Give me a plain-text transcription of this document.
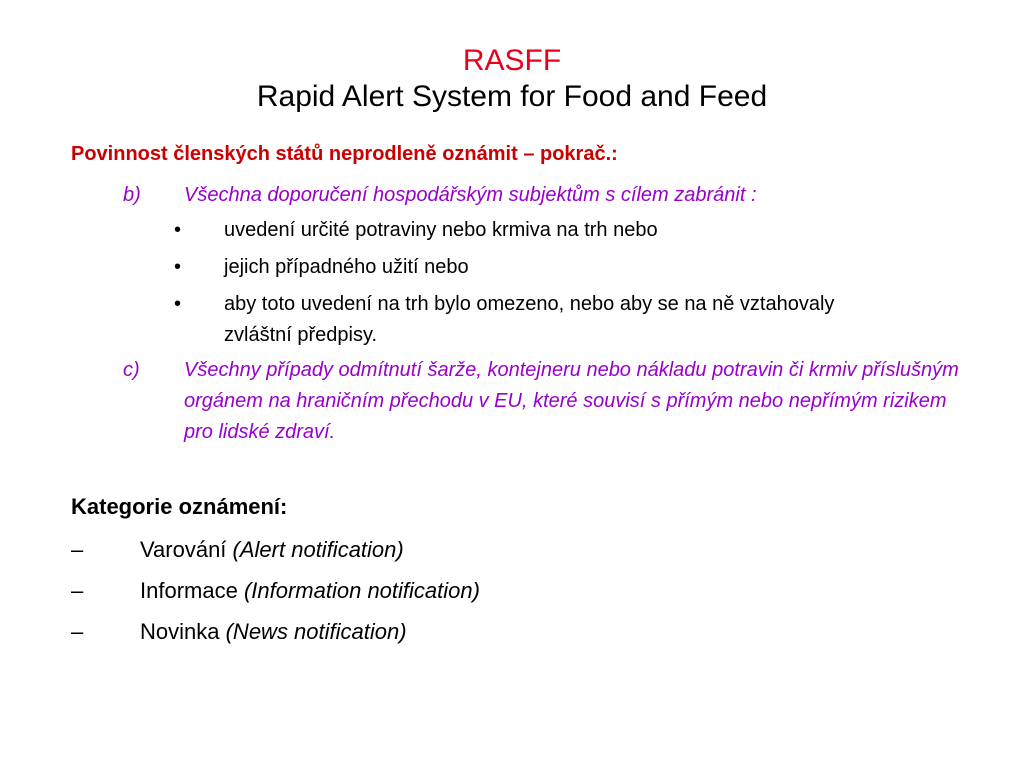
RASFF
Rapid Alert System for Food and Feed
Povinnost členských států neprodleně oznámit – pokrač.:
b) Všechna doporučení hospodářským subjektům s cílem zabránit :
• uvedení určité potraviny nebo krmiva na trh nebo
• jejich případného užití nebo
• aby toto uvedení na trh bylo omezeno, nebo aby se na ně vztahovaly zvláštní předpisy.
c) Všechny případy odmítnutí šarže, kontejneru nebo nákladu potravin či krmiv příslušným orgánem na hraničním přechodu v EU, které souvisí s přímým nebo nepřímým rizikem pro lidské zdraví.
Kategorie oznámení:
–	Varování (Alert notification)
–	Informace (Information notification)
–	Novinka (News notification)
